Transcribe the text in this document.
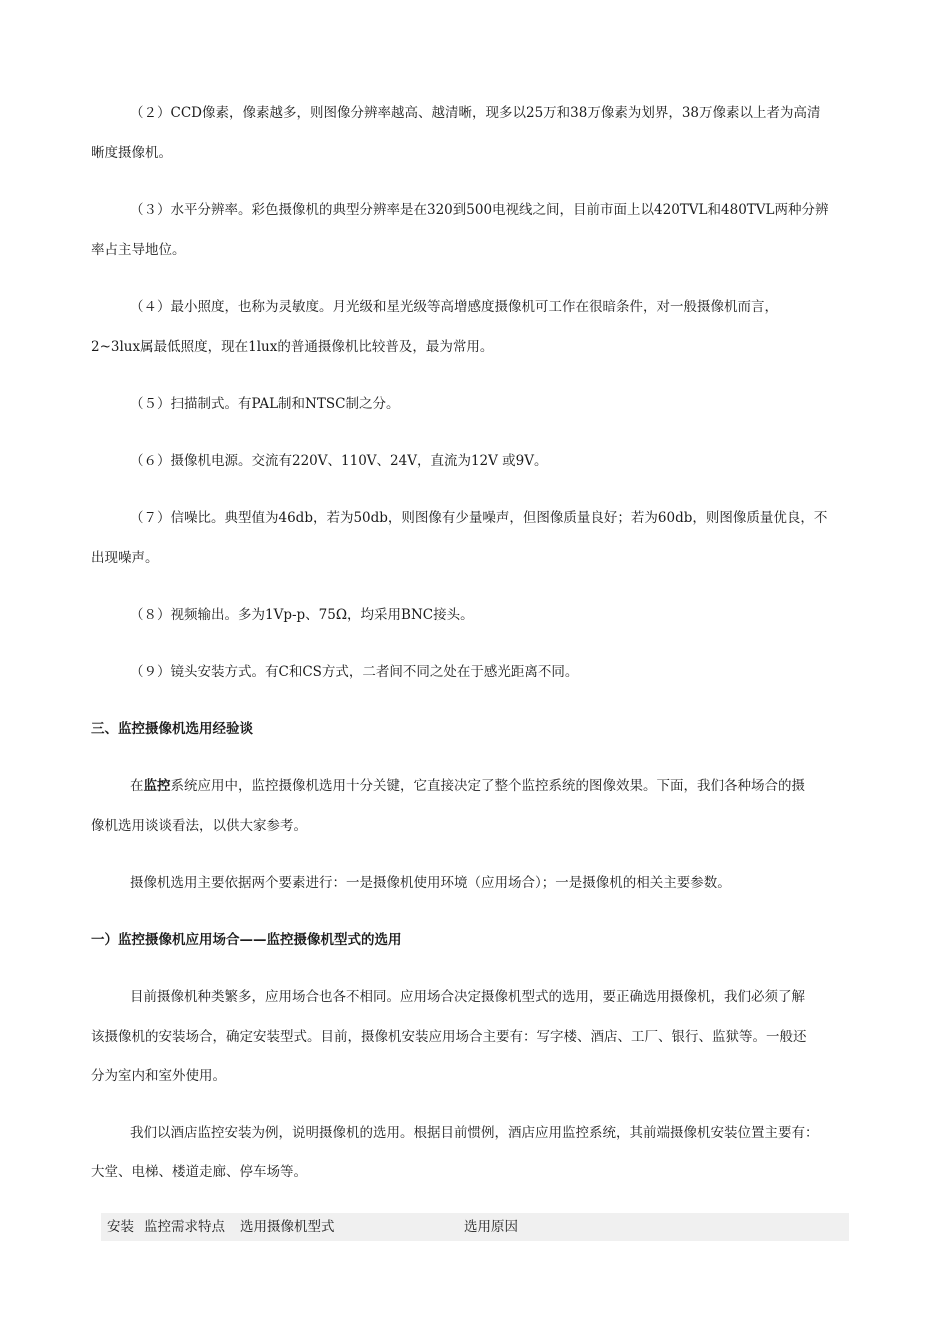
（２）CCD像素，像素越多，则图像分辨率越高、越清晰，现多以25万和38万像素为划界，38万像素以上者为高清
晰度摄像机。
（３）水平分辨率。彩色摄像机的典型分辨率是在320到500电视线之间，目前市面上以420TVL和480TVL两种分辨
率占主导地位。
（４）最小照度，也称为灵敏度。月光级和星光级等高增感度摄像机可工作在很暗条件，对一般摄像机而言，
2~3lux属最低照度，现在1lux的普通摄像机比较普及，最为常用。
（５）扫描制式。有PAL制和NTSC制之分。
（６）摄像机电源。交流有220V、110V、24V，直流为12V 或9V。
（７）信噪比。典型值为46db，若为50db，则图像有少量噪声，但图像质量良好；若为60db，则图像质量优良，不
出现噪声。
（８）视频输出。多为1Vp-p、75Ω，均采用BNC接头。
（９）镜头安装方式。有C和CS方式，二者间不同之处在于感光距离不同。
三、监控摄像机选用经验谈
在监控系统应用中，监控摄像机选用十分关键，它直接决定了整个监控系统的图像效果。下面，我们各种场合的摄
像机选用谈谈看法，以供大家参考。
摄像机选用主要依据两个要素进行：一是摄像机使用环境（应用场合）；一是摄像机的相关主要参数。
一）监控摄像机应用场合——监控摄像机型式的选用
目前摄像机种类繁多，应用场合也各不相同。应用场合决定摄像机型式的选用，要正确选用摄像机，我们必须了解
该摄像机的安装场合，确定安装型式。目前，摄像机安装应用场合主要有：写字楼、酒店、工厂、银行、监狱等。一般还
分为室内和室外使用。
我们以酒店监控安装为例，说明摄像机的选用。根据目前惯例，酒店应用监控系统，其前端摄像机安装位置主要有：
大堂、电梯、楼道走廊、停车场等。
安装 监控需求特点 选用摄像机型式	选用原因
